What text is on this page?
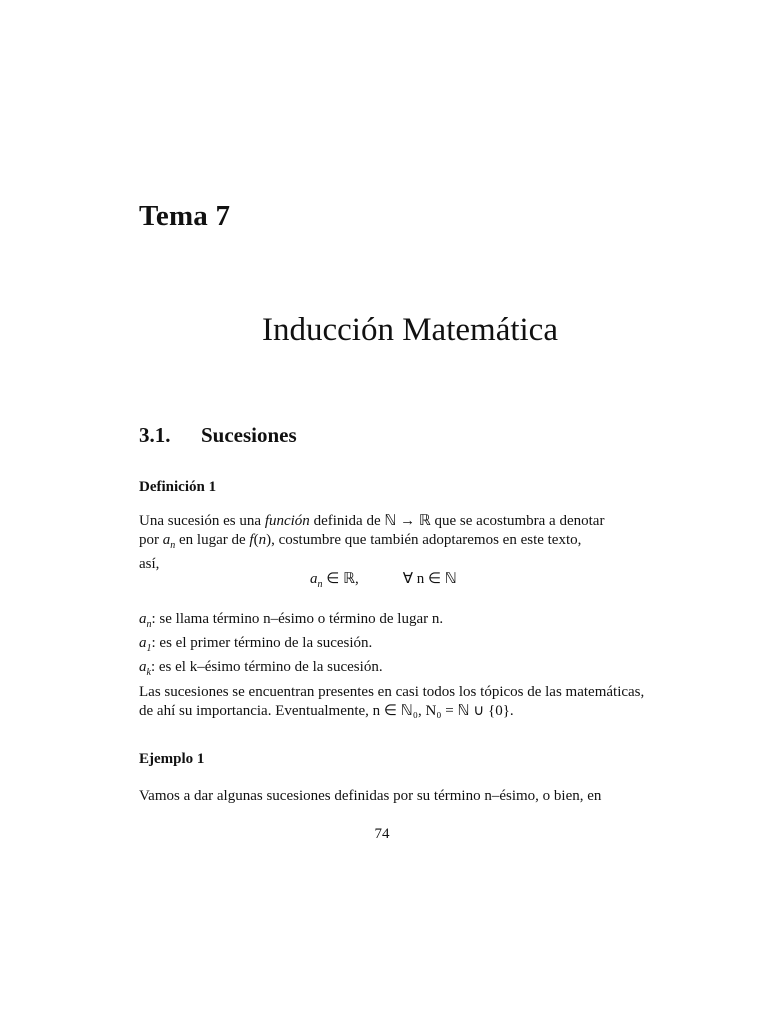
Tema 7
Inducción Matemática
3.1. Sucesiones
Definición 1

Una sucesión es una función definida de ℕ → ℝ que se acostumbra a denotar

por $a_n$ en lugar de f(n), costumbre que también adoptaremos en este texto,

así,

$a_n$ ∈ ℝ,	∀ n ∈ ℕ

$a_n$: se llama término n–ésimo o término de lugar n.

$a_1$: es el primer término de la sucesión.

$a_k$: es el k–ésimo término de la sucesión.

Las sucesiones se encuentran presentes en casi todos los tópicos de las matemáticas,

de ahí su importancia. Eventualmente, n ∈ ℕ₀, N₀ = ℕ ∪ {0}.

Ejemplo 1

Vamos a dar algunas sucesiones definidas por su término n–ésimo, o bien, en

74
